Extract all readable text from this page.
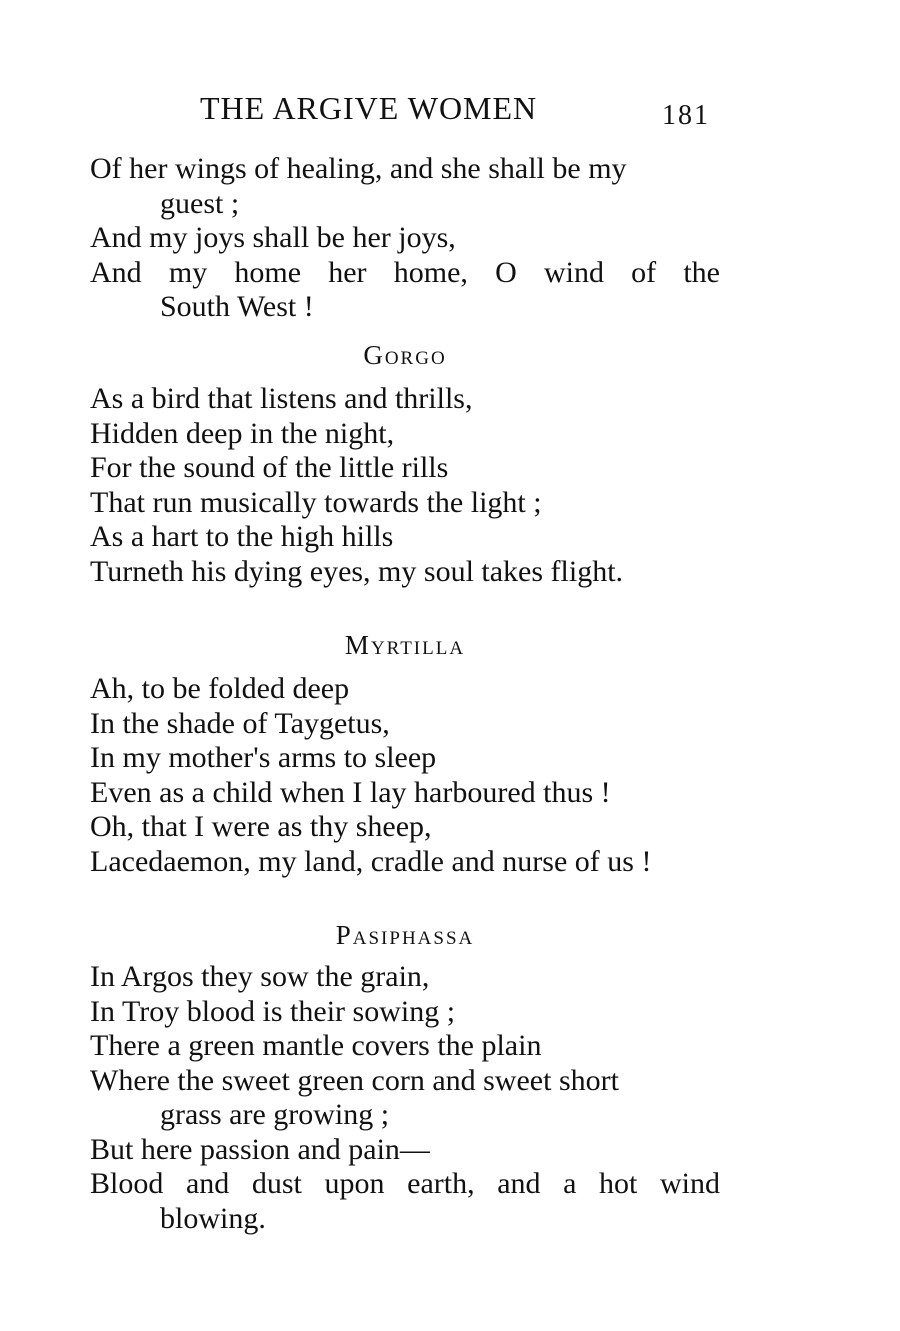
THE ARGIVE WOMEN	181
Of her wings of healing, and she shall be my
guest ;
And my joys shall be her joys,
And my home her home, O wind of the
South West !
GORGO
As a bird that listens and thrills,
Hidden deep in the night,
For the sound of the little rills
That run musically towards the light ;
As a hart to the high hills
Turneth his dying eyes, my soul takes flight.
MYRTILLA
Ah, to be folded deep
In the shade of Taygetus,
In my mother's arms to sleep
Even as a child when I lay harboured thus !
Oh, that I were as thy sheep,
Lacedaemon, my land, cradle and nurse of us !
PASIPHASSA
In Argos they sow the grain,
In Troy blood is their sowing ;
There a green mantle covers the plain
Where the sweet green corn and sweet short
grass are growing ;
But here passion and pain—
Blood and dust upon earth, and a hot wind
blowing.
